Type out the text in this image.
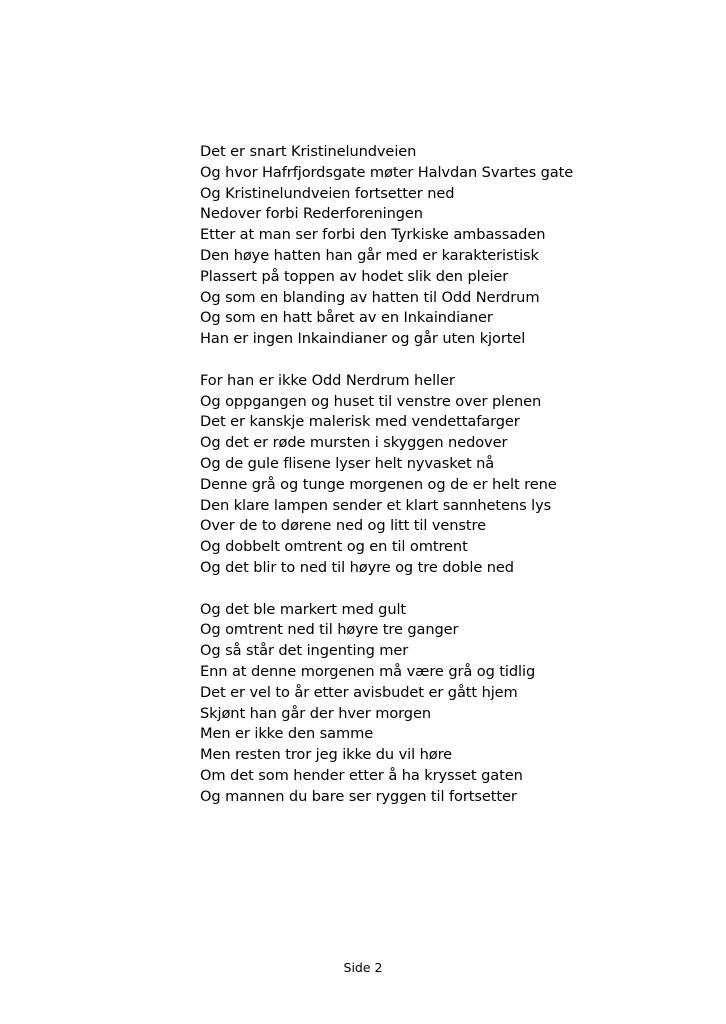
Det er snart Kristinelundveien
Og hvor Hafrfjordsgate møter Halvdan Svartes gate
Og Kristinelundveien fortsetter ned
Nedover forbi Rederforeningen
Etter at man ser forbi den Tyrkiske ambassaden
Den høye hatten han går med er karakteristisk
Plassert på toppen av hodet slik den pleier
Og som en blanding av hatten til Odd Nerdrum
Og som en hatt båret av en Inkaindianer
Han er ingen Inkaindianer og går uten kjortel
For han er ikke Odd Nerdrum heller
Og oppgangen og huset til venstre over plenen
Det er kanskje malerisk med vendettafarger
Og det er røde mursten i skyggen nedover
Og de gule flisene lyser helt nyvasket nå
Denne grå og tunge morgenen og de er helt rene
Den klare lampen sender et klart sannhetens lys
Over de to dørene ned og litt til venstre
Og dobbelt omtrent og en til omtrent
Og det blir to ned til høyre og tre doble ned
Og det ble markert med gult
Og omtrent ned til høyre tre ganger
Og så står det ingenting mer
Enn at denne morgenen må være grå og tidlig
Det er vel to år etter avisbudet er gått hjem
Skjønt han går der hver morgen
Men er ikke den samme
Men resten tror jeg ikke du vil høre
Om det som hender etter å ha krysset gaten
Og mannen du bare ser ryggen til fortsetter
Side 2
